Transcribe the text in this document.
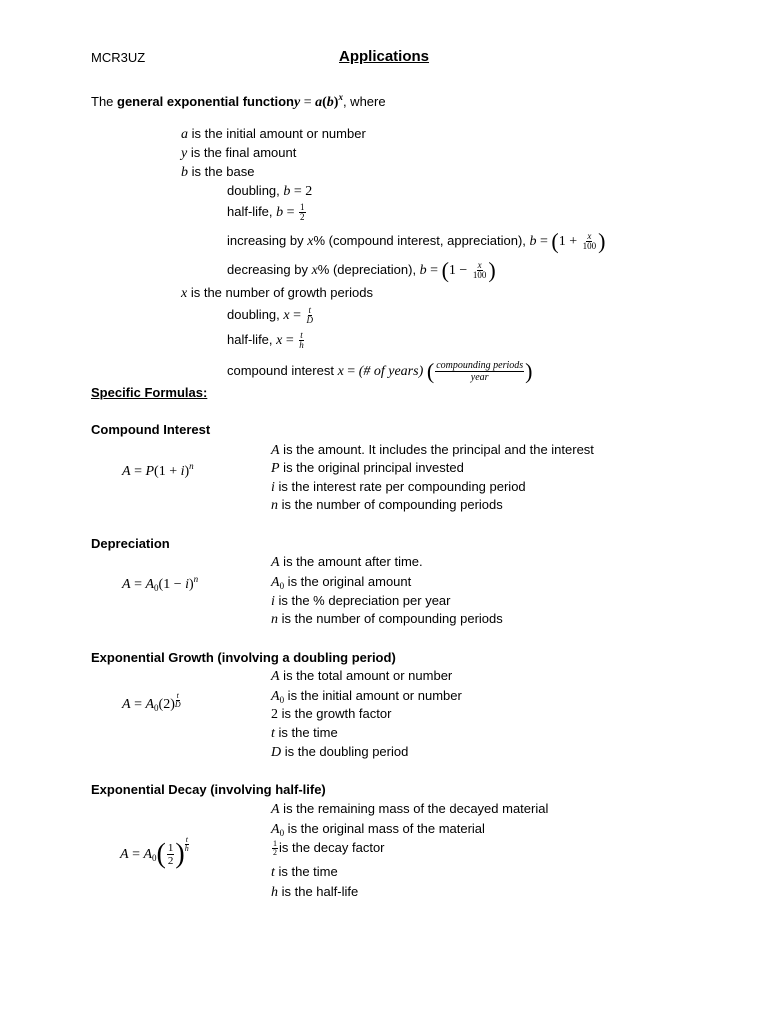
MCR3UZ	Applications
The general exponential functiony = $a(b)^x$, where
a is the initial amount or number
y is the final amount
b is the base
doubling, b = 2
half-life, $b = \frac{1}{2}$
increasing by x% (compound interest, appreciation), $b = (1 + \frac{x}{100}$ )
decreasing by x% (depreciation), $b = (1 - \frac{x}{100}$ )
x is the number of growth periods
doubling, $x = \frac{t}{D}$
half-life, $x = \frac{t}{h}$
compound interest x = (# of years) ( $\frac{\text{compounding periods}}{\text{year}}$ )
Specific Formulas:
Compound Interest
$A = P(1 + i)^n$
A is the amount. It includes the principal and the interest
P is the original principal invested
i is the interest rate per compounding period
n is the number of compounding periods
Depreciation
$A = A_0(1 - i)^n$
A is the amount after time.
$A_0$ is the original amount
i is the % depreciation per year
n is the number of compounding periods
Exponential Growth (involving a doubling period)
$A = A_0(2) \frac{t}{D}$
A is the total amount or number
$A_0$ is the initial amount or number
2 is the growth factor
t is the time
D is the doubling period
Exponential Decay (involving half-life)
$A = A_0( \frac{1}{2}$ ) $\frac{t}{h}$
A is the remaining mass of the decayed material
$A_0$ is the original mass of the material
$\frac{1}{2}$ is the decay factor
t is the time
h is the half-life
